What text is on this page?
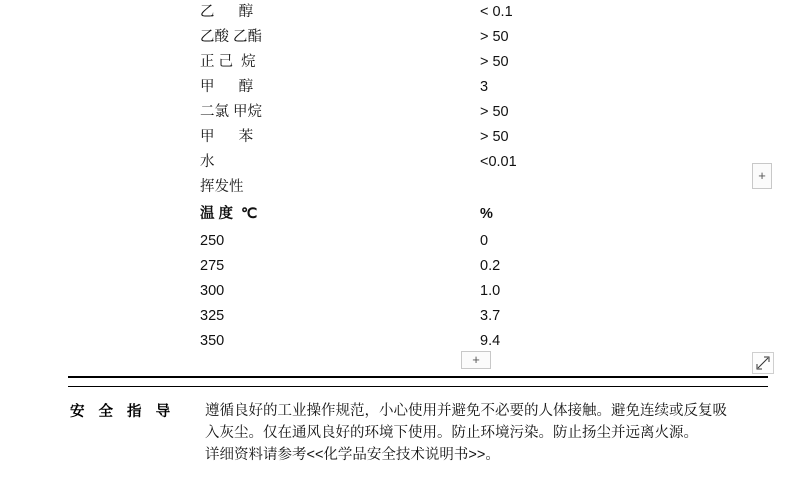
乙      醇	< 0.1
乙酸 乙酯	> 50
正 己  烷	> 50
甲      醇	3
二氯 甲烷	> 50
甲      苯	> 50
水	<0.01
挥发性
温 度 ℃	%
250	0
275	0.2
300	1.0
325	3.7
350	9.4
+
+
安 全 指 导 遵循良好的工业操作规范，小心使用并避免不必要的人体接触。避免连续或反复吸

入灰尘。仅在通风良好的环境下使用。防止环境污染。防止扬尘并远离火源。

详细资料请参考<<化学品安全技术说明书>>。
